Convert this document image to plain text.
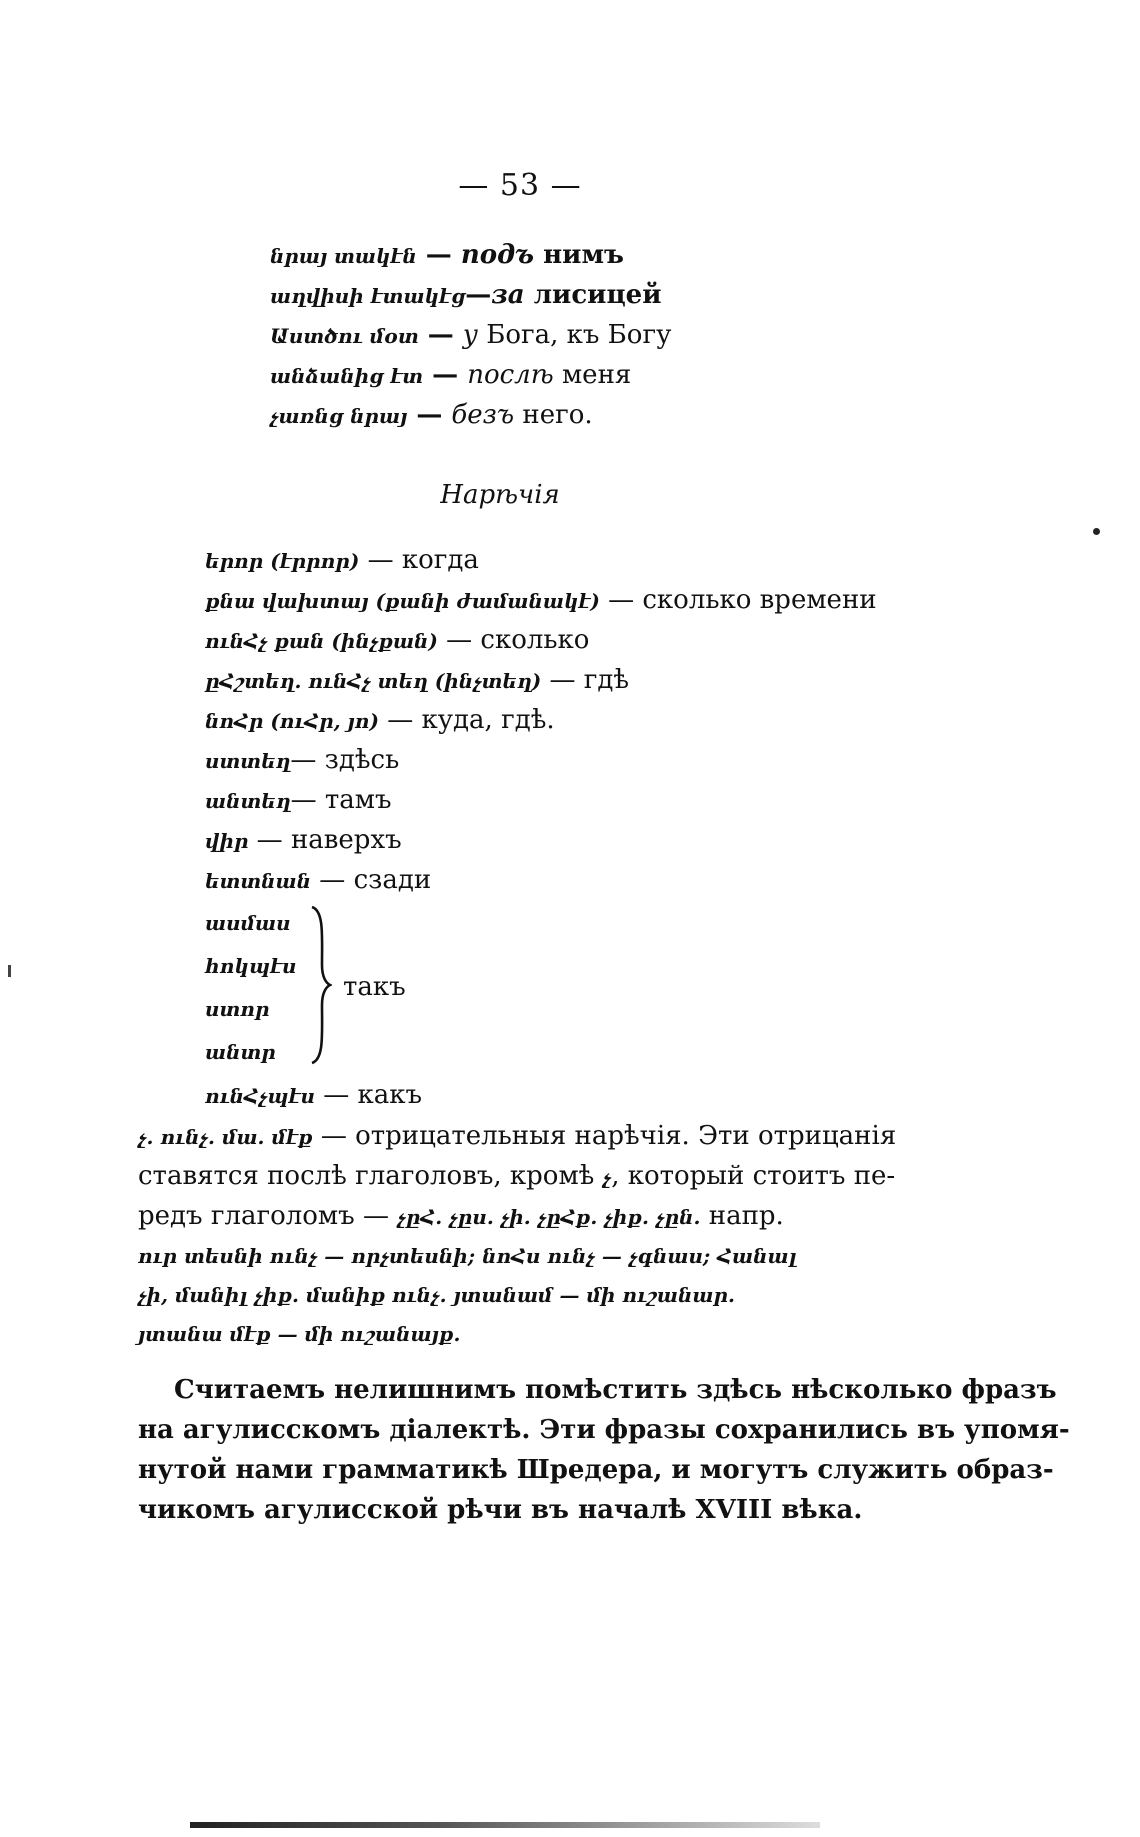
— 53 —
նրայ տակէն — подъ нимъ
աղվիսի էտակէց—за лисицей
Աստծու մօտ — у Бога, къ Богу
անձանից էտ — послѣ меня
չառնց նրայ — безъ него.
Нарѣчія
երոր (էրրոր) — когда
քնա վախտայ (քանի ժամանակէ) — сколько времени
ունՀչ քան (ինչքան) — сколько
ըՀշտեղ. ունՀչ տեղ (ինչտեղ) — гдѣ
նոՀր (ուՀր, յո) — куда, гдѣ.
ստտեղ— здѣсь
անտեղ— тамъ
վիր — наверхъ
ետտնան — сзади
ասմաս
հոկպէս
ստոր
անտր
такъ
ունՀչպէս — какъ
չ. ունչ. մա. մէք — отрицательныя нарѣчія. Эти отрицанія
ставятся послѣ глаголовъ, кромѣ չ, который стоитъ пе-
редъ глаголомъ — չըՀ. չըս. չի. չըՀք. չիք. չըն. напр.
ուր տեսնի ունչ — որչտեսնի; նոՀս ունչ — չգնաս; Հանալ
չի, մանիլ չիք. մանիք ունչ. յտանամ — մի ուշանար.
յտանա մէք — մի ուշանայք.
Считаемъ нелишнимъ помѣстить здѣсь нѣсколько фразъ
на агулисскомъ діалектѣ. Эти фразы сохранились въ упомя-
нутой нами грамматикѣ Шредера, и могутъ служить образ-
чикомъ агулисской рѣчи въ началѣ XVIII вѣка.
